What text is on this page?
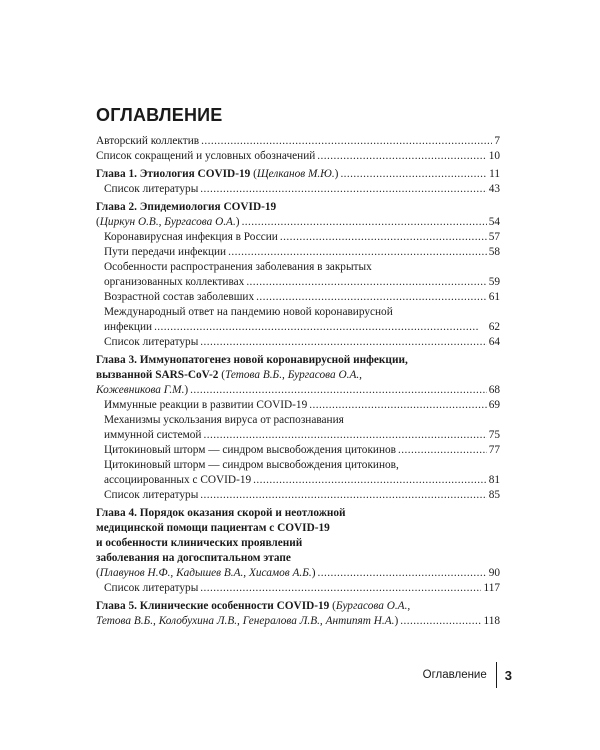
ОГЛАВЛЕНИЕ
Авторский коллектив . . .	7
Список сокращений и условных обозначений . . .	10
Глава 1. Этиология COVID-19 (Щелканов М.Ю.) . . .	11
Список литературы . . .	43
Глава 2. Эпидемиология COVID-19
(Циркун О.В., Бургасова О.А.) . . .	54
Коронавирусная инфекция в России . . .	57
Пути передачи инфекции . . .	58
Особенности распространения заболевания в закрытых
организованных коллективах . . .	59
Возрастной состав заболевших . . .	61
Международный ответ на пандемию новой коронавирусной
инфекции . . .	62
Список литературы . . .	64
Глава 3. Иммунопатогенез новой коронавирусной инфекции,
вызванной SARS-CoV-2 (Тетова В.Б., Бургасова О.А.,
Кожевникова Г.М.) . . .	68
Иммунные реакции в развитии COVID-19 . . .	69
Механизмы ускользания вируса от распознавания
иммунной системой . . .	75
Цитокиновый шторм — синдром высвобождения цитокинов . . .	77
Цитокиновый шторм — синдром высвобождения цитокинов,
ассоциированных с COVID-19 . . .	81
Список литературы . . .	85
Глава 4. Порядок оказания скорой и неотложной
медицинской помощи пациентам с COVID-19
и особенности клинических проявлений
заболевания на догоспитальном этапе
(Плавунов Н.Ф., Кадышев В.А., Хисамов А.Б.) . . .	90
Список литературы . . .	117
Глава 5. Клинические особенности COVID-19 (Бургасова О.А.,
Тетова В.Б., Колобухина Л.В., Генералова Л.В., Антипят Н.А.) . . .	118
Оглавление 3
